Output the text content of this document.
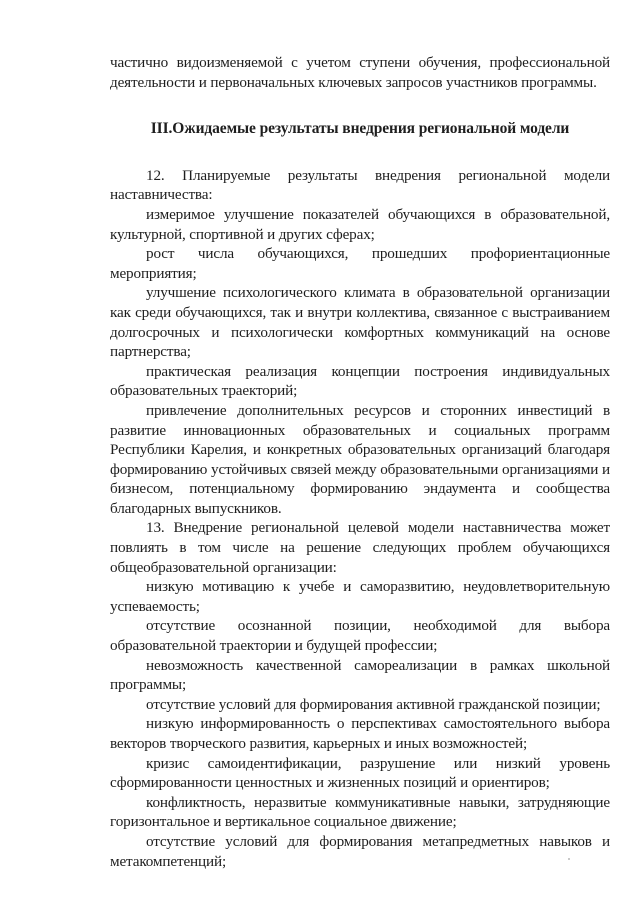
частично видоизменяемой с учетом ступени обучения, профессиональной деятельности и первоначальных ключевых запросов участников программы.

III.Ожидаемые результаты внедрения региональной модели

12. Планируемые результаты внедрения региональной модели наставничества:

измеримое улучшение показателей обучающихся в образовательной, культурной, спортивной и других сферах;

рост числа обучающихся, прошедших профориентационные мероприятия;

улучшение психологического климата в образовательной организации как среди обучающихся, так и внутри коллектива, связанное с выстраиванием долгосрочных и психологически комфортных коммуникаций на основе партнерства;

практическая реализация концепции построения индивидуальных образовательных траекторий;

привлечение дополнительных ресурсов и сторонних инвестиций в развитие инновационных образовательных и социальных программ Республики Карелия, и конкретных образовательных организаций благодаря формированию устойчивых связей между образовательными организациями и бизнесом, потенциальному формированию эндаумента и сообщества благодарных выпускников.

13. Внедрение региональной целевой модели наставничества может повлиять в том числе на решение следующих проблем обучающихся общеобразовательной организации:

низкую мотивацию к учебе и саморазвитию, неудовлетворительную успеваемость;

отсутствие осознанной позиции, необходимой для выбора образовательной траектории и будущей профессии;

невозможность качественной самореализации в рамках школьной программы;

отсутствие условий для формирования активной гражданской позиции;

низкую информированность о перспективах самостоятельного выбора векторов творческого развития, карьерных и иных возможностей;

кризис самоидентификации, разрушение или низкий уровень сформированности ценностных и жизненных позиций и ориентиров;

конфликтность, неразвитые коммуникативные навыки, затрудняющие горизонтальное и вертикальное социальное движение;

отсутствие условий для формирования метапредметных навыков и метакомпетенций;
